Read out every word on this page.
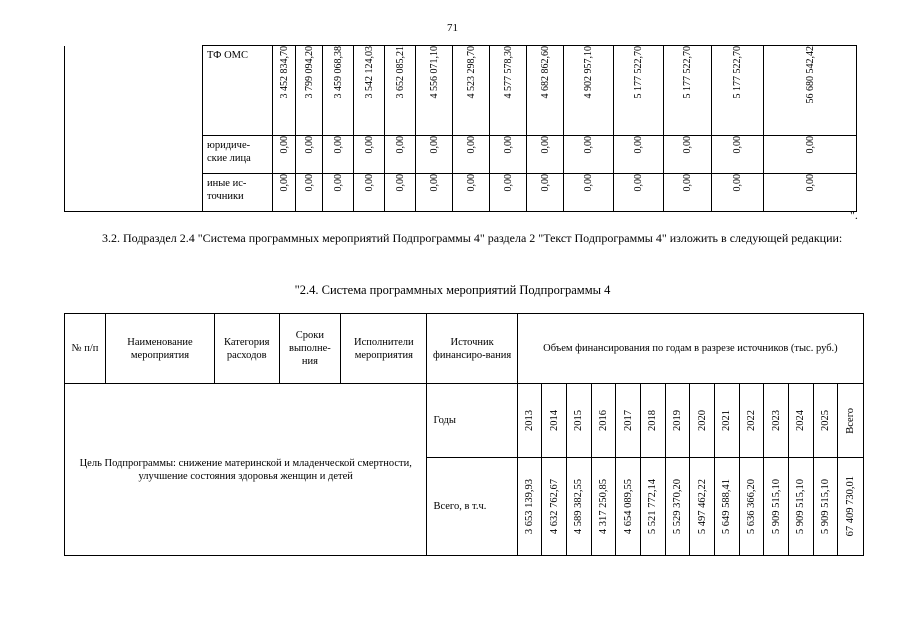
71
	ТФ ОМС	3 452 834,70	3 799 094,20	3 459 068,38	3 542 124,03	3 652 085,21	4 556 071,10	4 523 298,70	4 577 578,30	4 682 862,60	4 902 957,10	5 177 522,70	5 177 522,70	5 177 522,70	56 680 542,42

	юридиче-ские лица	0,00	0,00	0,00	0,00	0,00	0,00	0,00	0,00	0,00	0,00	0,00	0,00	0,00	0,00

	иные ис-точники	0,00	0,00	0,00	0,00	0,00	0,00	0,00	0,00	0,00	0,00	0,00	0,00	0,00	0,00
".
3.2. Подраздел 2.4 "Система программных мероприятий Подпрограммы 4" раздела 2 "Текст Подпрограммы 4" изложить в следующей редакции:
"2.4. Система программных мероприятий Подпрограммы 4
№ п/п	Наименование мероприятия	Категория расходов	Сроки выполне-ния	Исполнители мероприятия	Источник финансиро-вания	Объем финансирования по годам в разрезе источников (тыс. руб.)													
Цель Подпрограммы: снижение материнской и младенческой смертности, улучшение состояния здоровья женщин и детей					Годы	2013	2014	2015	2016	2017	2018	2019	2020	2021	2022	2023	2024	2025	Всего

					Всего, в т.ч.	3 653 139,93	4 632 762,67	4 589 382,55	4 317 250,85	4 654 089,55	5 521 772,14	5 529 370,20	5 497 462,22	5 649 588,41	5 636 366,20	5 909 515,10	5 909 515,10	5 909 515,10	67 409 730,01
